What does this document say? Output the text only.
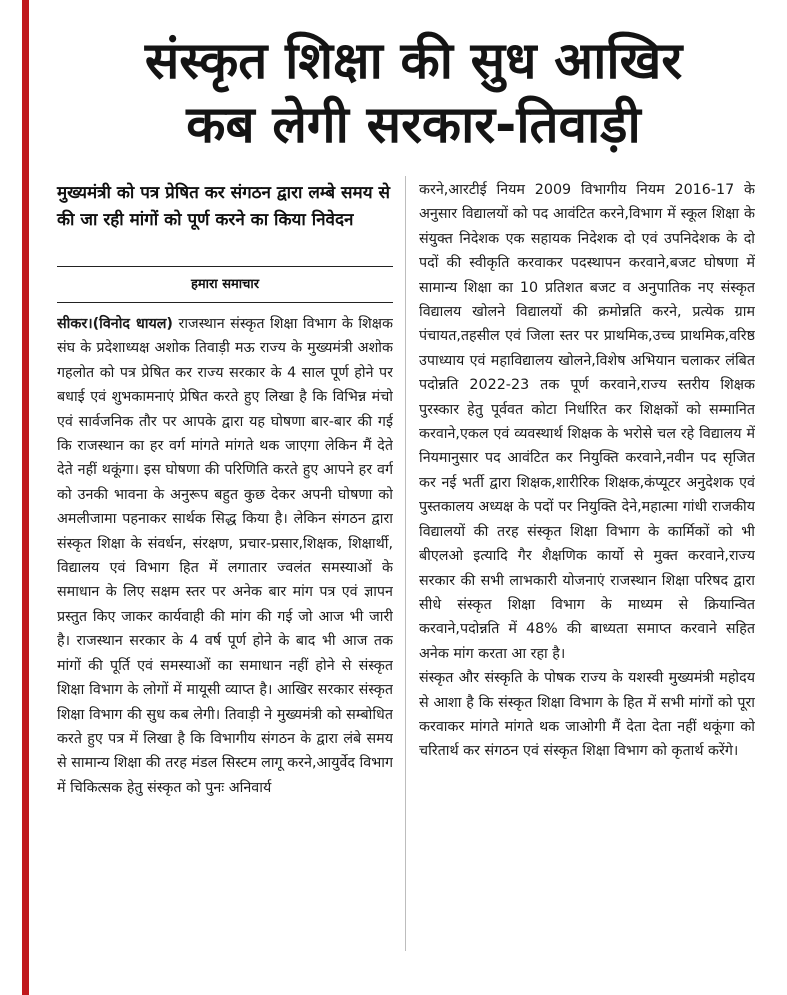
संस्कृत शिक्षा की सुध आखिर
कब लेगी सरकार-तिवाड़ी
मुख्यमंत्री को पत्र प्रेषित कर संगठन द्वारा लम्बे समय से की जा रही मांगों को पूर्ण करने का किया निवेदन
हमारा समाचार

सीकर।(विनोद धायल) राजस्थान संस्कृत शिक्षा विभाग के शिक्षक संघ के प्रदेशाध्यक्ष अशोक तिवाड़ी मऊ राज्य के मुख्यमंत्री अशोक गहलोत को पत्र प्रेषित कर राज्य सरकार के 4 साल पूर्ण होने पर बधाई एवं शुभकामनाएं प्रेषित करते हुए लिखा है कि विभिन्न मंचो एवं सार्वजनिक तौर पर आपके द्वारा यह घोषणा बार-बार की गई कि राजस्थान का हर वर्ग मांगते मांगते थक जाएगा लेकिन मैं देते देते नहीं थकूंगा। इस घोषणा की परिणिति करते हुए आपने हर वर्ग को उनकी भावना के अनुरूप बहुत कुछ देकर अपनी घोषणा को अमलीजामा पहनाकर सार्थक सिद्ध किया है। लेकिन संगठन द्वारा संस्कृत शिक्षा के संवर्धन, संरक्षण, प्रचार-प्रसार,शिक्षक, शिक्षार्थी, विद्यालय एवं विभाग हित में लगातार ज्वलंत समस्याओं के समाधान के लिए सक्षम स्तर पर अनेक बार मांग पत्र एवं ज्ञापन प्रस्तुत किए जाकर कार्यवाही की मांग की गई जो आज भी जारी है। राजस्थान सरकार के 4 वर्ष पूर्ण होने के बाद भी आज तक मांगों की पूर्ति एवं समस्याओं का समाधान नहीं होने से संस्कृत शिक्षा विभाग के लोगों में मायूसी व्याप्त है। आखिर सरकार संस्कृत शिक्षा विभाग की सुध कब लेगी। तिवाड़ी ने मुख्यमंत्री को सम्बोधित करते हुए पत्र में लिखा है कि विभागीय संगठन के द्वारा लंबे समय से सामान्य शिक्षा की तरह मंडल सिस्टम लागू करने,आयुर्वेद विभाग में चिकित्सक हेतु संस्कृत को पुनः अनिवार्य

करने,आरटीई नियम 2009 विभागीय नियम 2016-17 के अनुसार विद्यालयों को पद आवंटित करने,विभाग में स्कूल शिक्षा के संयुक्त निदेशक एक सहायक निदेशक दो एवं उपनिदेशक के दो पदों की स्वीकृति करवाकर पदस्थापन करवाने,बजट घोषणा में सामान्य शिक्षा का 10 प्रतिशत बजट व अनुपातिक नए संस्कृत विद्यालय खोलने विद्यालयों की क्रमोन्नति करने, प्रत्येक ग्राम पंचायत,तहसील एवं जिला स्तर पर प्राथमिक,उच्च प्राथमिक,वरिष्ठ उपाध्याय एवं महाविद्यालय खोलने,विशेष अभियान चलाकर लंबित पदोन्नति 2022-23 तक पूर्ण करवाने,राज्य स्तरीय शिक्षक पुरस्कार हेतु पूर्ववत कोटा निर्धारित कर शिक्षकों को सम्मानित करवाने,एकल एवं व्यवस्थार्थ शिक्षक के भरोसे चल रहे विद्यालय में नियमानुसार पद आवंटित कर नियुक्ति करवाने,नवीन पद सृजित कर नई भर्ती द्वारा शिक्षक,शारीरिक शिक्षक,कंप्यूटर अनुदेशक एवं पुस्तकालय अध्यक्ष के पदों पर नियुक्ति देने,महात्मा गांधी राजकीय विद्यालयों की तरह संस्कृत शिक्षा विभाग के कार्मिकों को भी बीएलओ इत्यादि गैर शैक्षणिक कार्यो से मुक्त करवाने,राज्य सरकार की सभी लाभकारी योजनाएं राजस्थान शिक्षा परिषद द्वारा सीधे संस्कृत शिक्षा विभाग के माध्यम से क्रियान्वित करवाने,पदोन्नति में 48% की बाध्यता समाप्त करवाने सहित अनेक मांग करता आ रहा है।

संस्कृत और संस्कृति के पोषक राज्य के यशस्वी मुख्यमंत्री महोदय से आशा है कि संस्कृत शिक्षा विभाग के हित में सभी मांगों को पूरा करवाकर मांगते मांगते थक जाओगी मैं देता देता नहीं थकूंगा को चरितार्थ कर संगठन एवं संस्कृत शिक्षा विभाग को कृतार्थ करेंगे।
